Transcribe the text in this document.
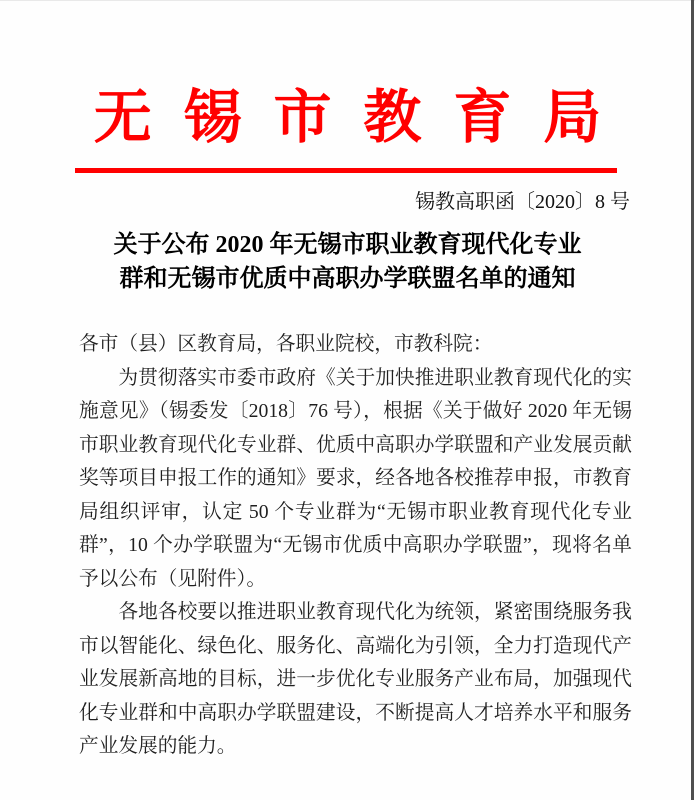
无锡市教育局
锡教高职函〔2020〕8 号
关于公布 2020 年无锡市职业教育现代化专业
群和无锡市优质中高职办学联盟名单的通知
各市（县）区教育局，各职业院校，市教科院：

为贯彻落实市委市政府《关于加快推进职业教育现代化的实施意见》（锡委发〔2018〕76 号），根据《关于做好 2020 年无锡市职业教育现代化专业群、优质中高职办学联盟和产业发展贡献奖等项目申报工作的通知》要求，经各地各校推荐申报，市教育局组织评审，认定 50 个专业群为“无锡市职业教育现代化专业群”，10 个办学联盟为“无锡市优质中高职办学联盟”，现将名单予以公布（见附件）。

各地各校要以推进职业教育现代化为统领，紧密围绕服务我市以智能化、绿色化、服务化、高端化为引领，全力打造现代产业发展新高地的目标，进一步优化专业服务产业布局，加强现代化专业群和中高职办学联盟建设，不断提高人才培养水平和服务产业发展的能力。
